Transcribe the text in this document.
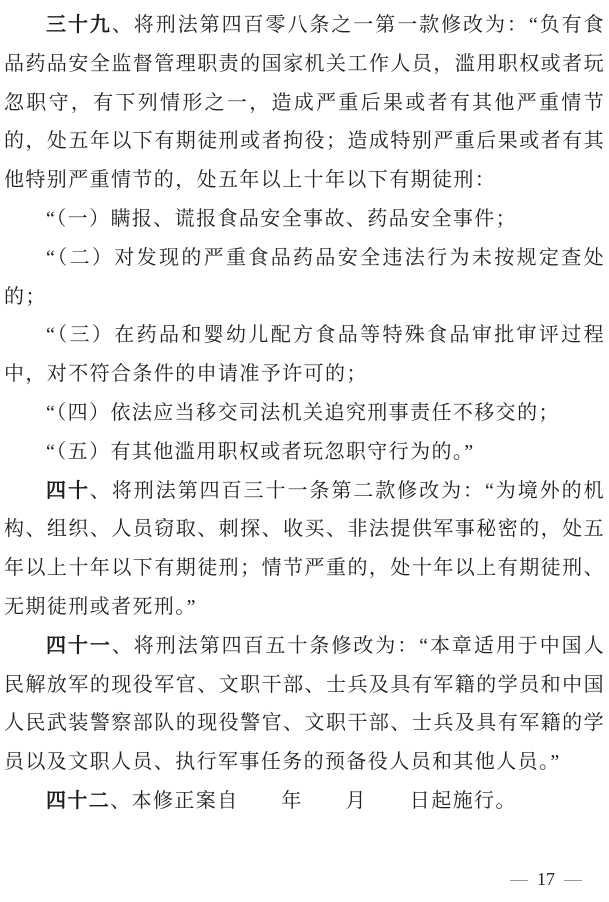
三十九、将刑法第四百零八条之一第一款修改为：“负有食品药品安全监督管理职责的国家机关工作人员，滥用职权或者玩忽职守，有下列情形之一，造成严重后果或者有其他严重情节的，处五年以下有期徒刑或者拘役；造成特别严重后果或者有其他特别严重情节的，处五年以上十年以下有期徒刑：

“（一）瞒报、谎报食品安全事故、药品安全事件；

“（二）对发现的严重食品药品安全违法行为未按规定查处的；

“（三）在药品和婴幼儿配方食品等特殊食品审批审评过程中，对不符合条件的申请准予许可的；

“（四）依法应当移交司法机关追究刑事责任不移交的；

“（五）有其他滥用职权或者玩忽职守行为的。”

四十、将刑法第四百三十一条第二款修改为：“为境外的机构、组织、人员窃取、刺探、收买、非法提供军事秘密的，处五年以上十年以下有期徒刑；情节严重的，处十年以上有期徒刑、无期徒刑或者死刑。”

四十一、将刑法第四百五十条修改为：“本章适用于中国人民解放军的现役军官、文职干部、士兵及具有军籍的学员和中国人民武装警察部队的现役警官、文职干部、士兵及具有军籍的学员以及文职人员、执行军事任务的预备役人员和其他人员。”

四十二、本修正案自　　年　　月　　日起施行。

— 17 —
